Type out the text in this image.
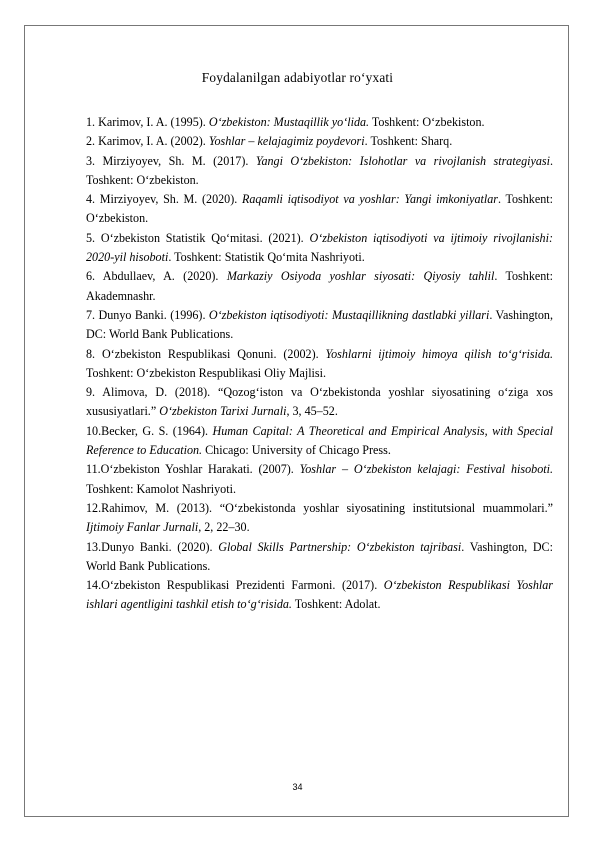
Foydalanilgan adabiyotlar ro‘yxati

1. Karimov, I. A. (1995). O‘zbekiston: Mustaqillik yo‘lida. Toshkent: O‘zbekiston.

2. Karimov, I. A. (2002). Yoshlar – kelajagimiz poydevori. Toshkent: Sharq.

3. Mirziyoyev, Sh. M. (2017). Yangi O‘zbekiston: Islohotlar va rivojlanish strategiyasi. Toshkent: O‘zbekiston.

4. Mirziyoyev, Sh. M. (2020). Raqamli iqtisodiyot va yoshlar: Yangi imkoniyatlar. Toshkent: O‘zbekiston.

5. O‘zbekiston Statistik Qo‘mitasi. (2021). O‘zbekiston iqtisodiyoti va ijtimoiy rivojlanishi: 2020-yil hisoboti. Toshkent: Statistik Qo‘mita Nashriyoti.

6. Abdullaev, A. (2020). Markaziy Osiyoda yoshlar siyosati: Qiyosiy tahlil. Toshkent: Akademnashr.

7. Dunyo Banki. (1996). O‘zbekiston iqtisodiyoti: Mustaqillikning dastlabki yillari. Vashington, DC: World Bank Publications.

8. O‘zbekiston Respublikasi Qonuni. (2002). Yoshlarni ijtimoiy himoya qilish to‘g‘risida. Toshkent: O‘zbekiston Respublikasi Oliy Majlisi.

9. Alimova, D. (2018). “Qozog‘iston va O‘zbekistonda yoshlar siyosatining o‘ziga xos xususiyatlari.” O‘zbekiston Tarixi Jurnali, 3, 45–52.

10.Becker, G. S. (1964). Human Capital: A Theoretical and Empirical Analysis, with Special Reference to Education. Chicago: University of Chicago Press.

11.O‘zbekiston Yoshlar Harakati. (2007). Yoshlar – O‘zbekiston kelajagi: Festival hisoboti. Toshkent: Kamolot Nashriyoti.

12.Rahimov, M. (2013). “O‘zbekistonda yoshlar siyosatining institutsional muammolari.” Ijtimoiy Fanlar Jurnali, 2, 22–30.

13.Dunyo Banki. (2020). Global Skills Partnership: O‘zbekiston tajribasi. Vashington, DC: World Bank Publications.

14.O‘zbekiston Respublikasi Prezidenti Farmoni. (2017). O‘zbekiston Respublikasi Yoshlar ishlari agentligini tashkil etish to‘g‘risida. Toshkent: Adolat.

34
